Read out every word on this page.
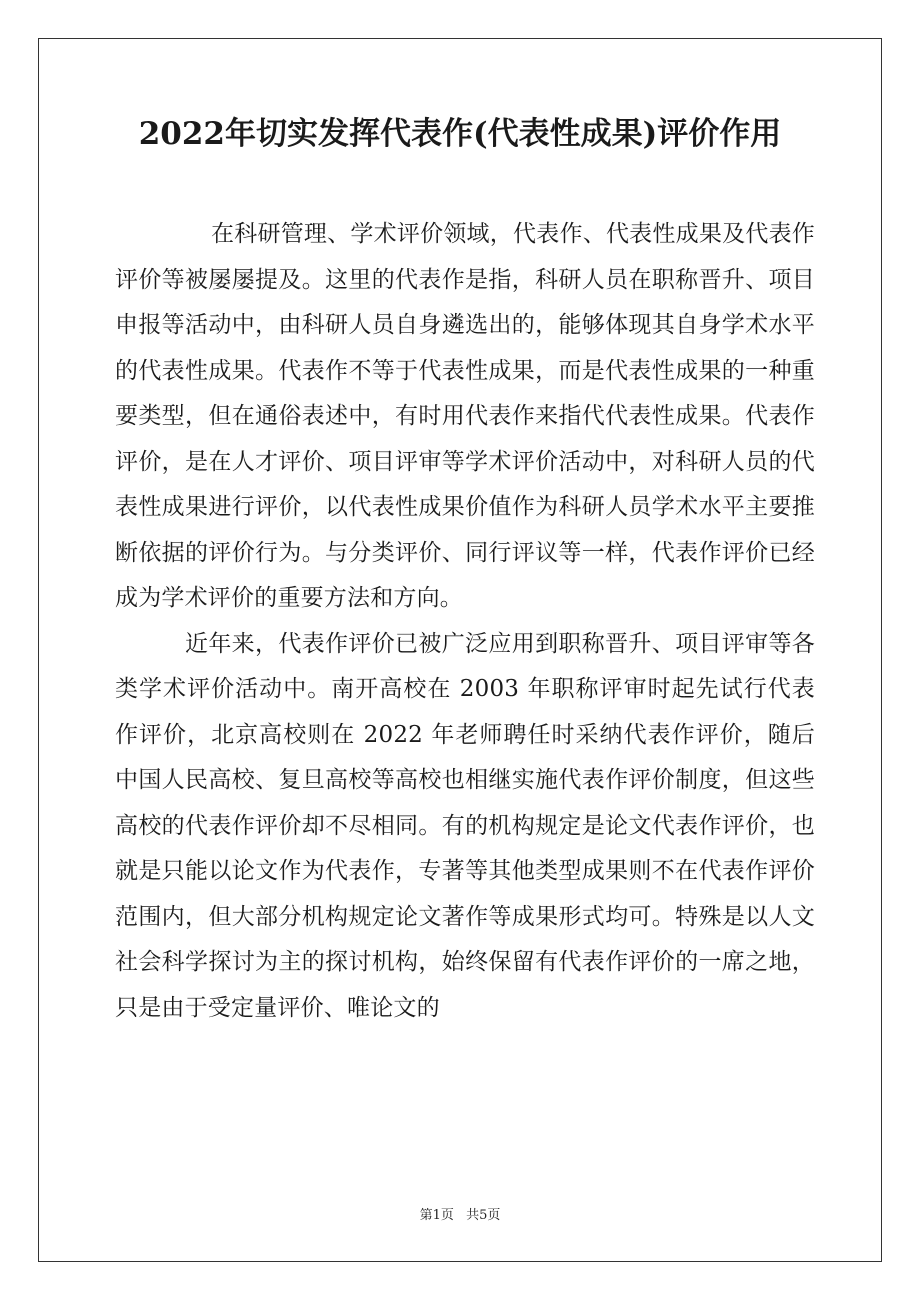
2022年切实发挥代表作(代表性成果)评价作用

在科研管理、学术评价领域，代表作、代表性成果及代表作评价等被屡屡提及。这里的代表作是指，科研人员在职称晋升、项目申报等活动中，由科研人员自身遴选出的，能够体现其自身学术水平的代表性成果。代表作不等于代表性成果，而是代表性成果的一种重要类型，但在通俗表述中，有时用代表作来指代代表性成果。代表作评价，是在人才评价、项目评审等学术评价活动中，对科研人员的代表性成果进行评价，以代表性成果价值作为科研人员学术水平主要推断依据的评价行为。与分类评价、同行评议等一样，代表作评价已经成为学术评价的重要方法和方向。

近年来，代表作评价已被广泛应用到职称晋升、项目评审等各类学术评价活动中。南开高校在 2003 年职称评审时起先试行代表作评价，北京高校则在 2022 年老师聘任时采纳代表作评价，随后中国人民高校、复旦高校等高校也相继实施代表作评价制度，但这些高校的代表作评价却不尽相同。有的机构规定是论文代表作评价，也就是只能以论文作为代表作，专著等其他类型成果则不在代表作评价范围内，但大部分机构规定论文著作等成果形式均可。特殊是以人文社会科学探讨为主的探讨机构，始终保留有代表作评价的一席之地，只是由于受定量评价、唯论文的

第1页 共5页
